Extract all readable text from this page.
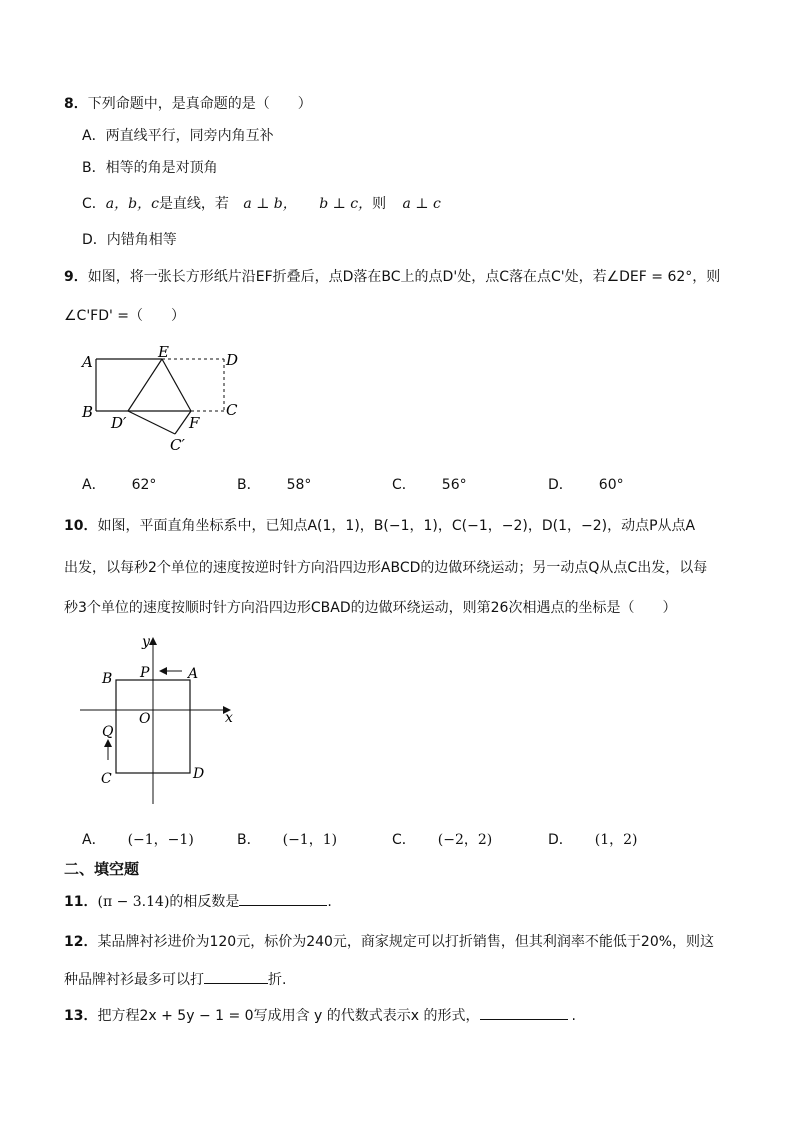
8．下列命题中，是真命题的是（　　）
A．两直线平行，同旁内角互补
B．相等的角是对顶角
C．a，b，c是直线，若 a ⊥ b， b ⊥ c，则 a ⊥ c
D．内错角相等
9．如图，将一张长方形纸片沿EF折叠后，点D落在BC上的点D'处，点C落在点C'处，若∠DEF = 62°，则
∠C'FD' =（　　）
A
E	D
B
D′	F
C
C′
A． 62°	B． 58°	C． 56°	D． 60°
10．如图，平面直角坐标系中，已知点A(1，1)，B(−1，1)，C(−1，−2)，D(1，−2)，动点P从点A
出发，以每秒2个单位的速度按逆时针方向沿四边形ABCD的边做环绕运动；另一动点Q从点C出发，以每
秒3个单位的速度按顺时针方向沿四边形CBAD的边做环绕运动，则第26次相遇点的坐标是（　　）
y
x
O
A
B
C	D
P
Q
A． (−1，−1)	B． (−1，1)	C． (−2，2)	D． (1，2)
二、填空题
11．(π − 3.14)的相反数是	.
12．某品牌衬衫进价为120元，标价为240元，商家规定可以打折销售，但其利润率不能低于20%，则这
种品牌衬衫最多可以打	折.
13．把方程2x + 5y − 1 = 0写成用含 y 的代数式表示x 的形式，	.
